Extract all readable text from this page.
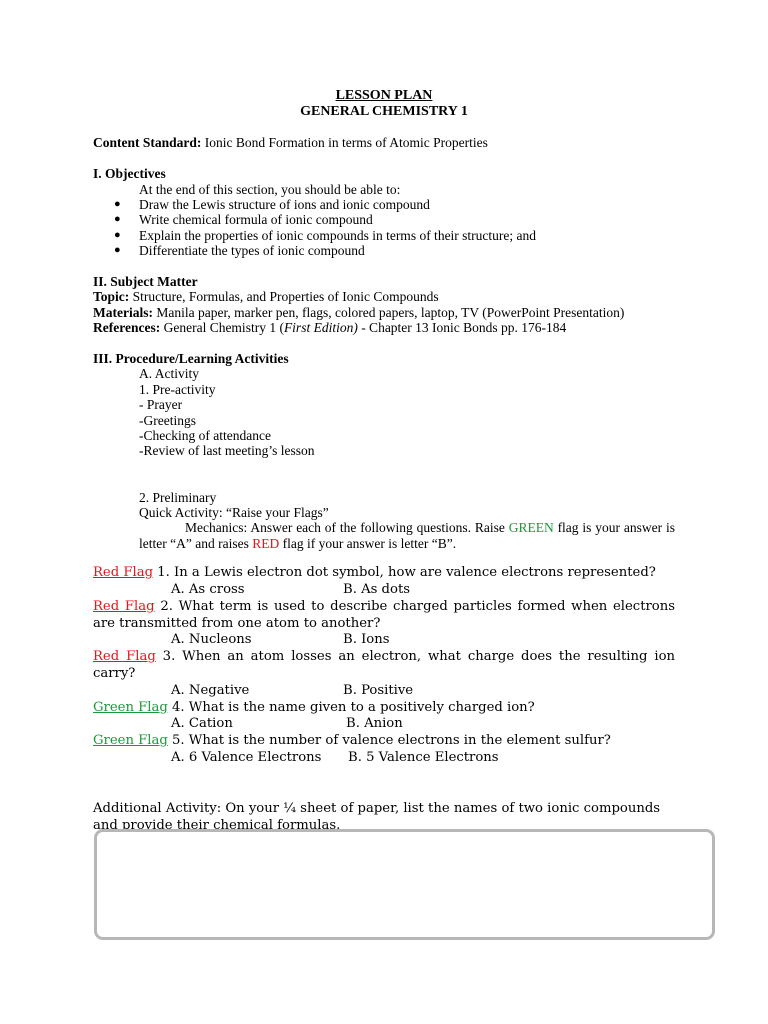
LESSON PLAN
GENERAL CHEMISTRY 1
Content Standard: Ionic Bond Formation in terms of Atomic Properties
I. Objectives
At the end of this section, you should be able to:
● Draw the Lewis structure of ions and ionic compound
● Write chemical formula of ionic compound
● Explain the properties of ionic compounds in terms of their structure; and
● Differentiate the types of ionic compound
II. Subject Matter
Topic: Structure, Formulas, and Properties of Ionic Compounds
Materials: Manila paper, marker pen, flags, colored papers, laptop, TV (PowerPoint Presentation)
References: General Chemistry 1 (First Edition) - Chapter 13 Ionic Bonds pp. 176-184
III. Procedure/Learning Activities
A. Activity
1. Pre-activity
- Prayer
-Greetings
-Checking of attendance
-Review of last meeting’s lesson
2. Preliminary
Quick Activity: “Raise your Flags”
Mechanics: Answer each of the following questions. Raise GREEN flag is your answer is letter “A” and raises RED flag if your answer is letter “B”.
Red Flag 1. In a Lewis electron dot symbol, how are valence electrons represented?
A. As cross	B. As dots
Red Flag 2. What term is used to describe charged particles formed when electrons are transmitted from one atom to another?
A. Nucleons	B. Ions
Red Flag 3. When an atom losses an electron, what charge does the resulting ion carry?
A. Negative	B. Positive
Green Flag 4. What is the name given to a positively charged ion?
A. Cation	B. Anion
Green Flag 5. What is the number of valence electrons in the element sulfur?
A. 6 Valence Electrons B. 5 Valence Electrons
Additional Activity: On your ¼ sheet of paper, list the names of two ionic compounds and provide their chemical formulas.
